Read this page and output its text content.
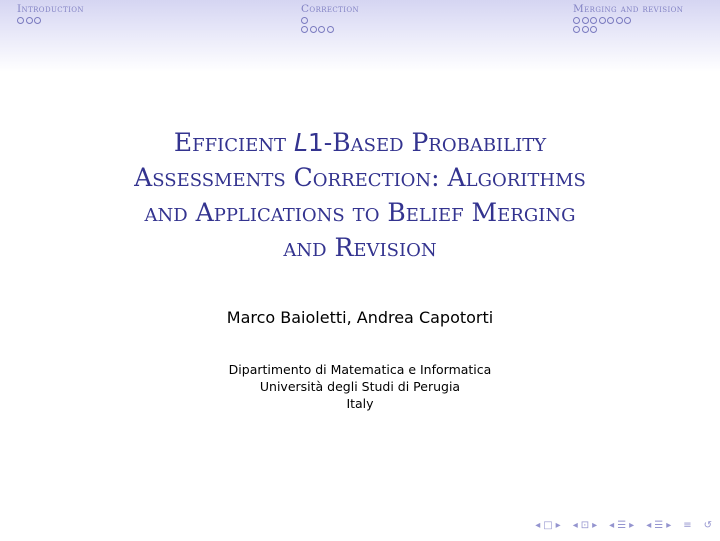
Introduction	Correction	Merging and revision
Efficient L1-Based Probability
Assessments Correction: Algorithms
and Applications to Belief Merging
and Revision
Marco Baioletti, Andrea Capotorti
Dipartimento di Matematica e Informatica
Università degli Studi di Perugia
Italy
◂ □ ▸ ◂ ⊡ ▸ ◂ ☰ ▸ ◂ ☰ ▸ ≡ ↺
